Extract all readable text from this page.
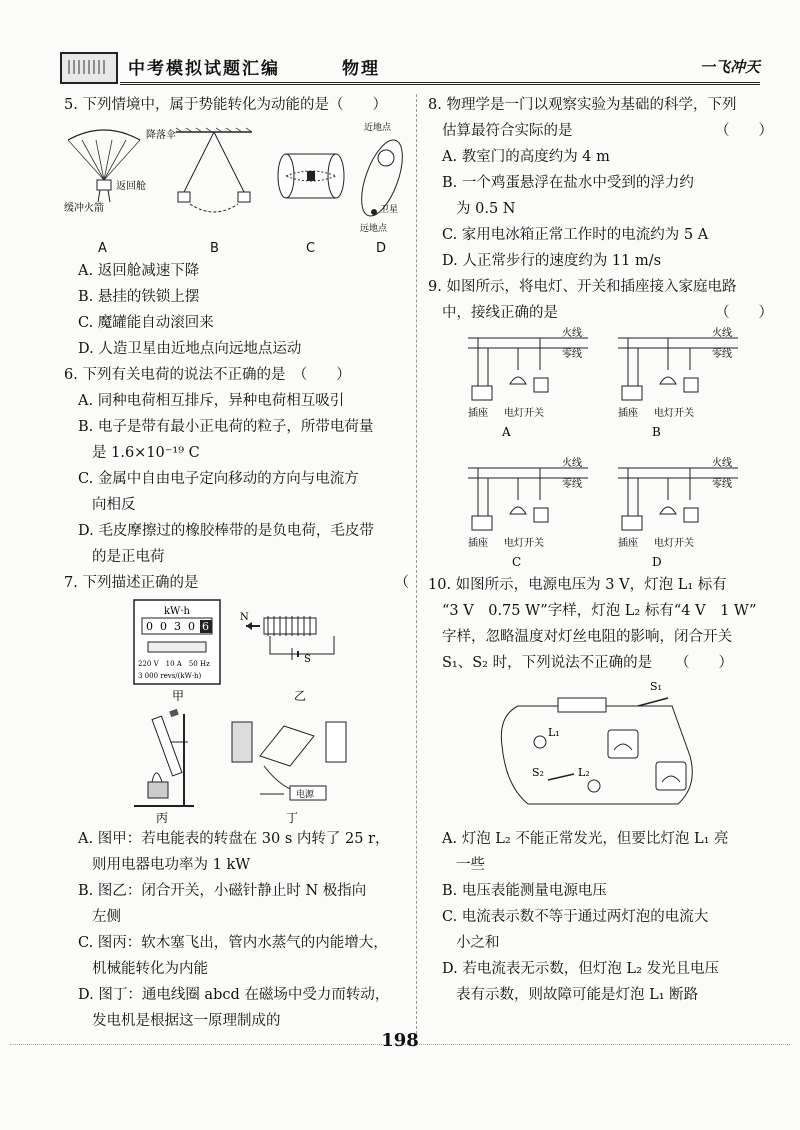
中考模拟试题汇编	物理	一飞冲天
5. 下列情境中，属于势能转化为动能的是（　　）
降落伞
返回舱
缓冲火箭
近地点
远地点
卫星
A	B	C	D
A. 返回舱减速下降
B. 悬挂的铁锁上摆
C. 魔罐能自动滚回来
D. 人造卫星由近地点向远地点运动
6. 下列有关电荷的说法不正确的是　（　　）
A. 同种电荷相互排斥，异种电荷相互吸引
B. 电子是带有最小正电荷的粒子，所带电荷量
是 1.6×10⁻¹⁹ C
C. 金属中自由电子定向移动的方向与电流方
向相反
D. 毛皮摩擦过的橡胶棒带的是负电荷，毛皮带
的是正电荷
7. 下列描述正确的是	（
kW·h
0 0 3 0 6
220 V　10 A　50 Hz
3 000 revs/(kW·h)
甲
N
S
乙
丙
电源
丁
A. 图甲：若电能表的转盘在 30 s 内转了 25 r，
则用电器电功率为 1 kW
B. 图乙：闭合开关，小磁针静止时 N 极指向
左侧
C. 图丙：软木塞飞出，管内水蒸气的内能增大，
机械能转化为内能
D. 图丁：通电线圈 abcd 在磁场中受力而转动，
发电机是根据这一原理制成的
8. 物理学是一门以观察实验为基础的科学，下列
估算最符合实际的是	（　　）
A. 教室门的高度约为 4 m
B. 一个鸡蛋悬浮在盐水中受到的浮力约
为 0.5 N
C. 家用电冰箱正常工作时的电流约为 5 A
D. 人正常步行的速度约为 11 m/s
9. 如图所示，将电灯、开关和插座接入家庭电路
中，接线正确的是	（　　）
火线
零线
插座 电灯开关
A
火线
零线
插座 电灯开关
B
火线
零线
插座 电灯开关
C
火线
零线
插座 电灯开关
D
10. 如图所示，电源电压为 3 V，灯泡 L₁ 标有
“3 V　0.75 W”字样，灯泡 L₂ 标有“4 V　1 W”
字样，忽略温度对灯丝电阻的影响，闭合开关
S₁、S₂ 时，下列说法不正确的是 （　　）
S₁
L₁
S₂	L₂
A. 灯泡 L₂ 不能正常发光，但要比灯泡 L₁ 亮
一些
B. 电压表能测量电源电压
C. 电流表示数不等于通过两灯泡的电流大
小之和
D. 若电流表无示数，但灯泡 L₂ 发光且电压
表有示数，则故障可能是灯泡 L₁ 断路
198
